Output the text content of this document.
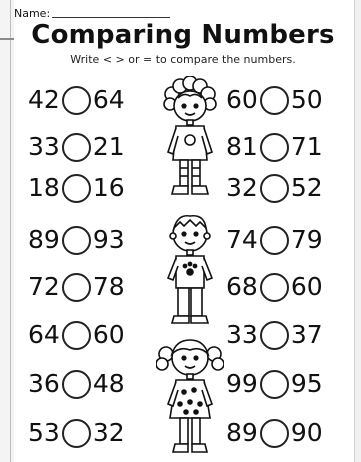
Name:
Comparing Numbers
Write < > or = to compare the numbers.
42 64
33 21
18 16
89 93
72 78
64 60
36 48
53 32
60 50
81 71
32 52
74 79
68 60
33 37
99 95
89 90
